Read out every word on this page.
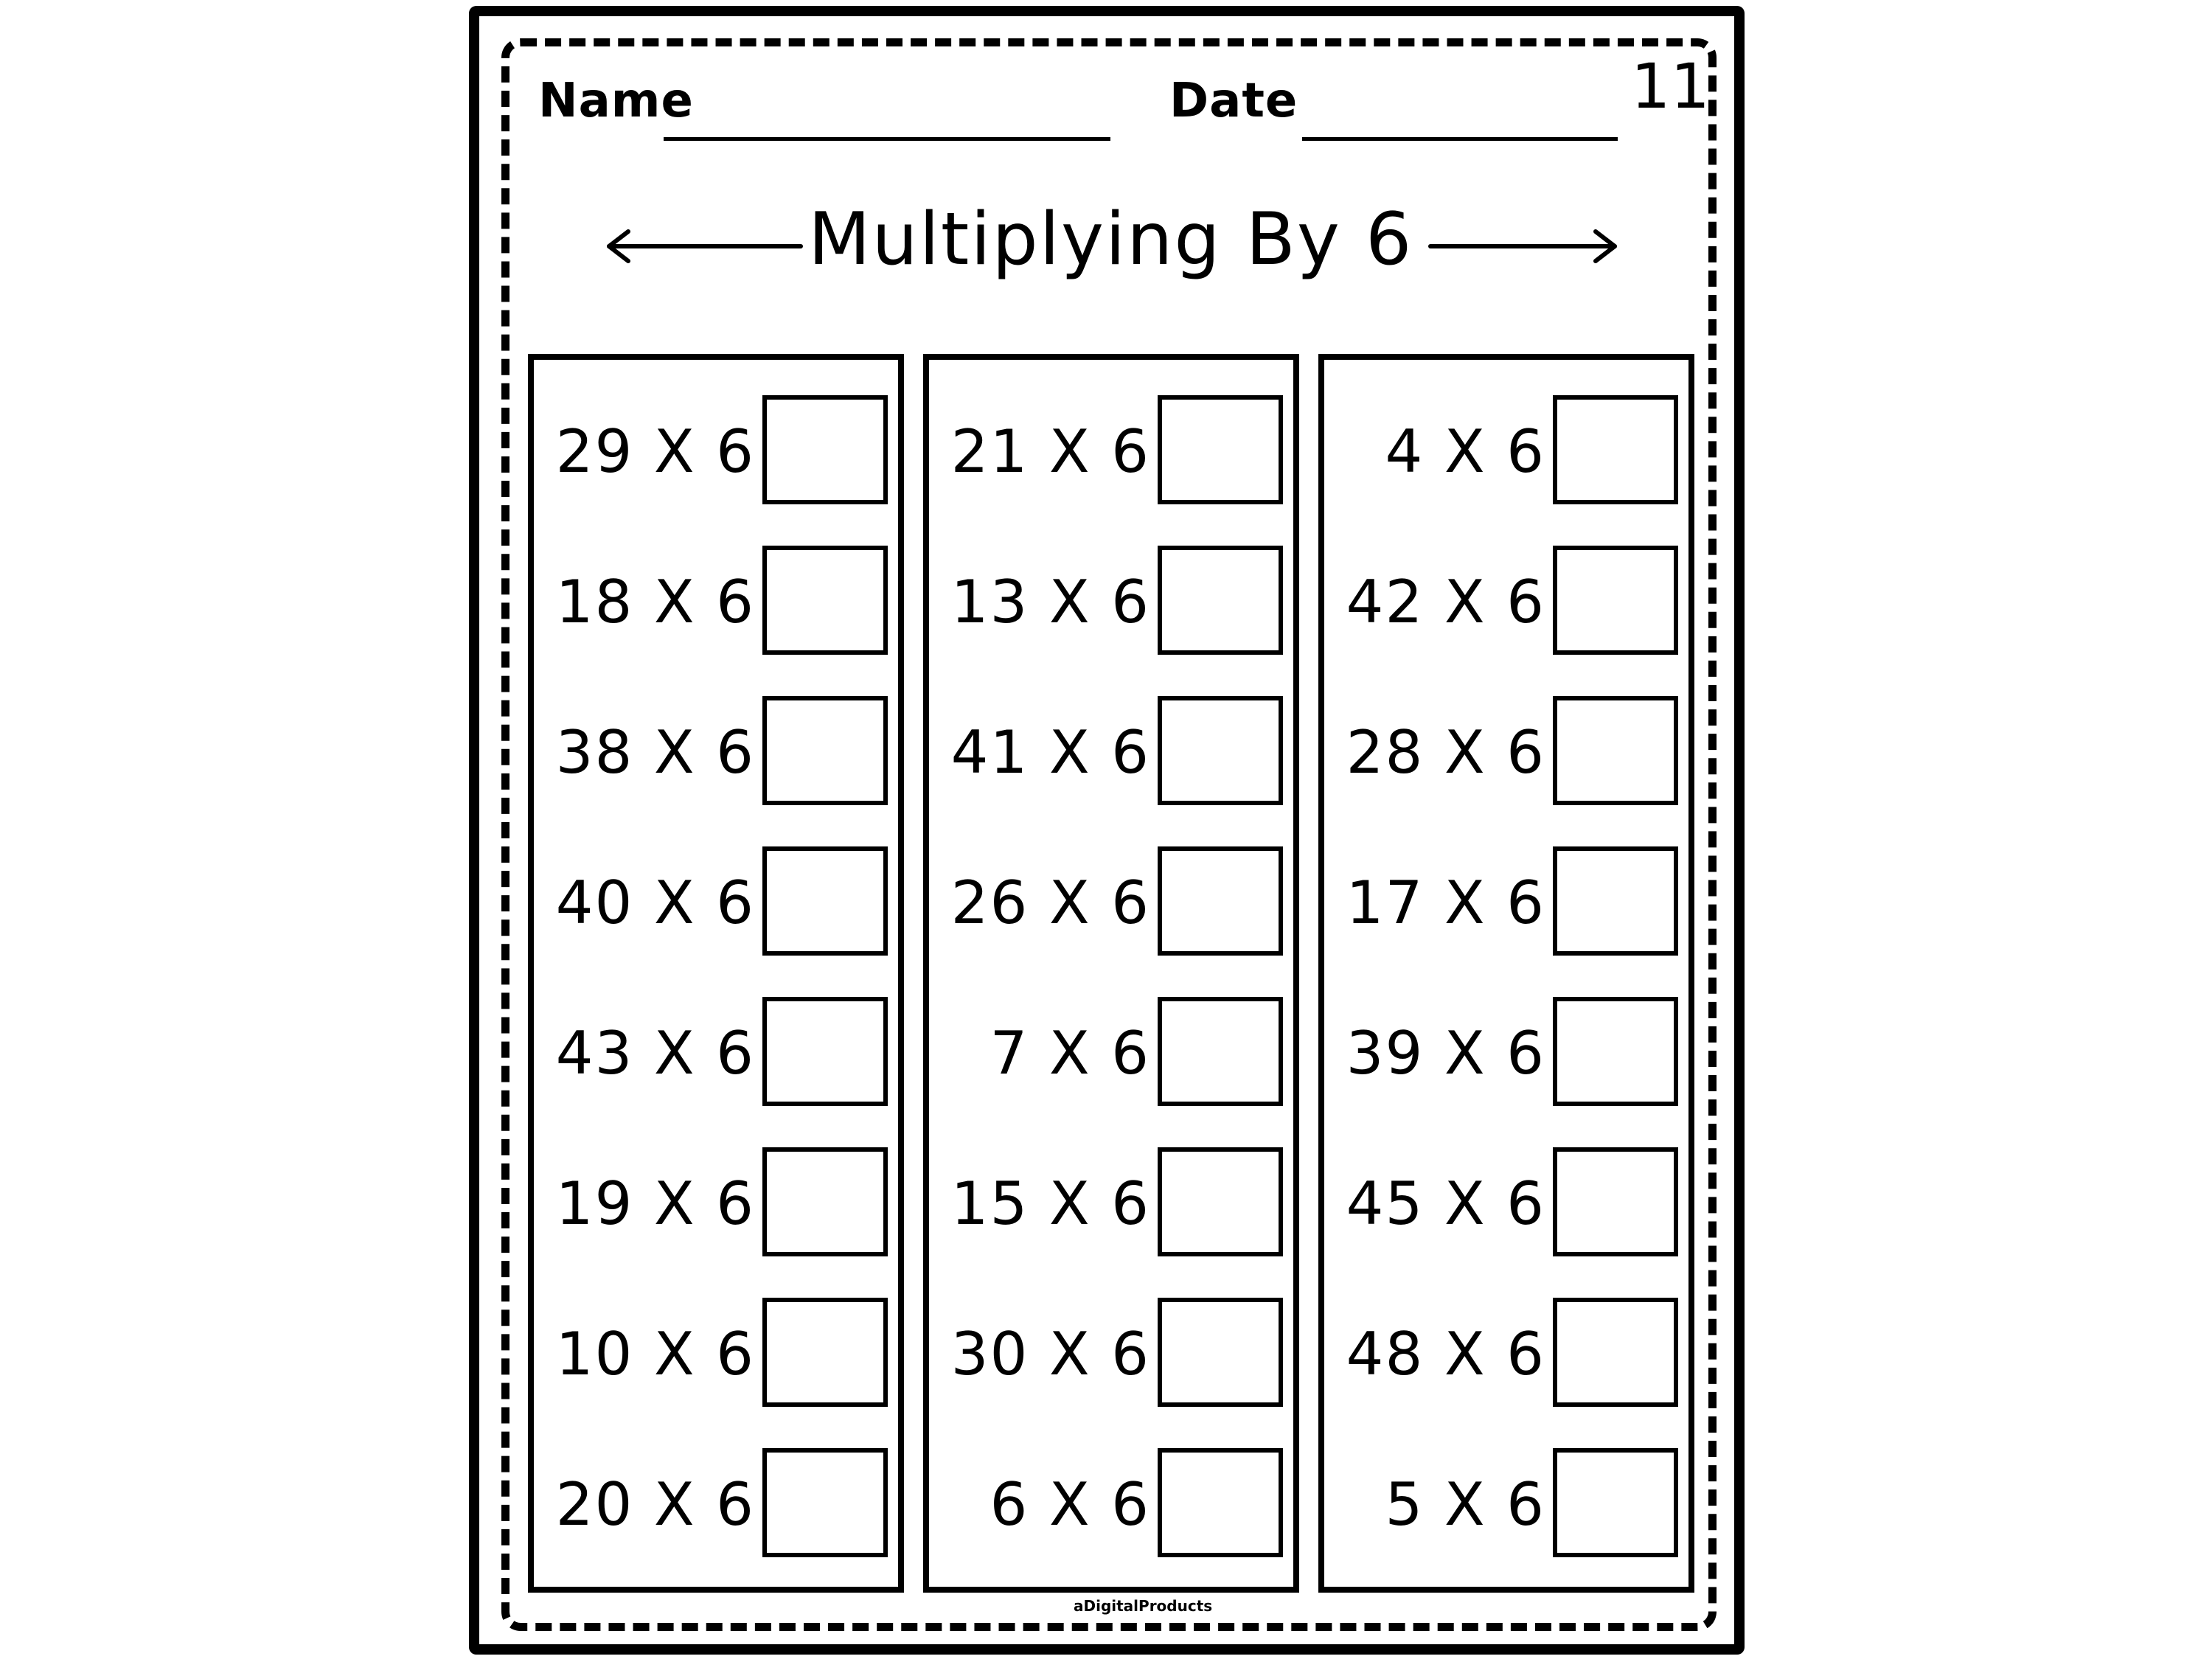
Name	Date	11
Multiplying By 6
29 X 6
18 X 6
38 X 6
40 X 6
43 X 6
19 X 6
10 X 6
20 X 6
21 X 6
13 X 6
41 X 6
26 X 6
7 X 6
15 X 6
30 X 6
6 X 6
4 X 6
42 X 6
28 X 6
17 X 6
39 X 6
45 X 6
48 X 6
5 X 6
aDigitalProducts
